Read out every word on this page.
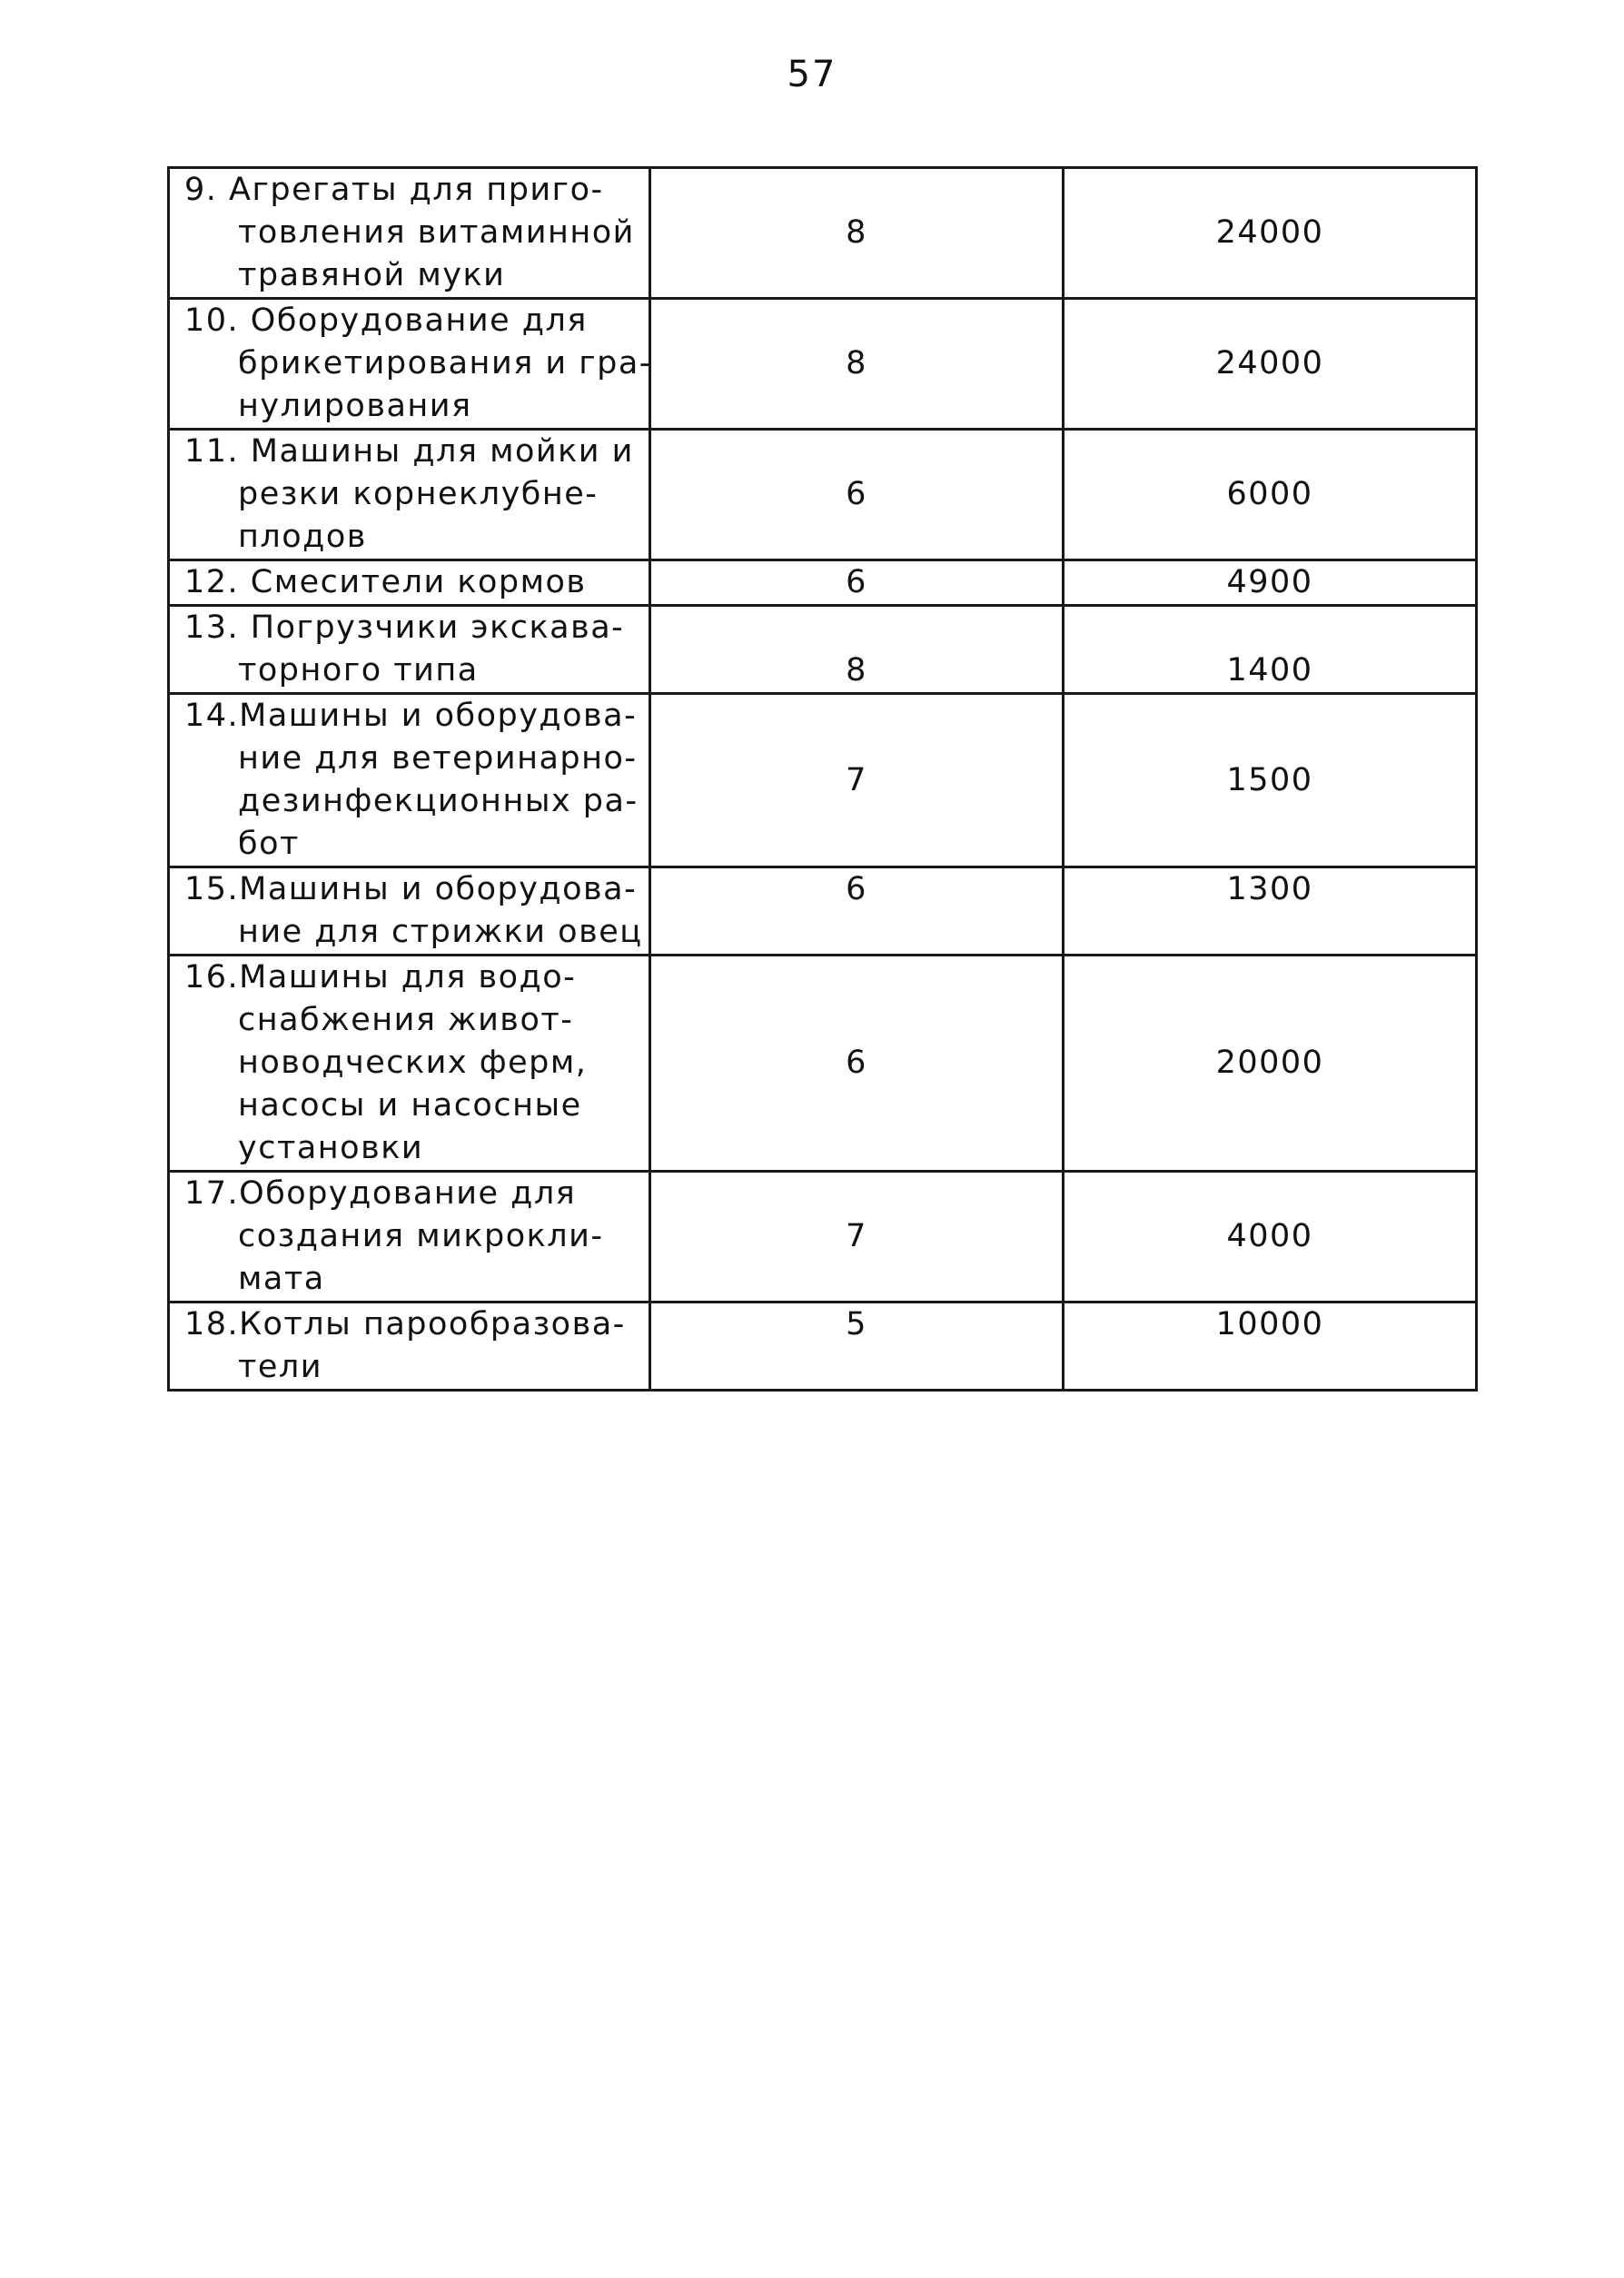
57
9. Агрегаты для приго-
товления витаминной
травяной муки	8	24000

10. Оборудование для
брикетирования и гра-
нулирования	8	24000

11. Машины для мойки и
резки корнеклубне-
плодов	6	6000

12. Смесители кормов	6	4900

13. Погрузчики экскава-
торного типа	8	1400

14.Машины и оборудова-
ние для ветеринарно-
дезинфекционных ра-
бот	7	1500

15.Машины и оборудова-
ние для стрижки овец	6	1300

16.Машины для водо-
снабжения живот-
новодческих ферм,
насосы и насосные
установки	6	20000

17.Оборудование для
создания микрокли-
мата	7	4000

18.Котлы парообразова-
тели	5	10000
